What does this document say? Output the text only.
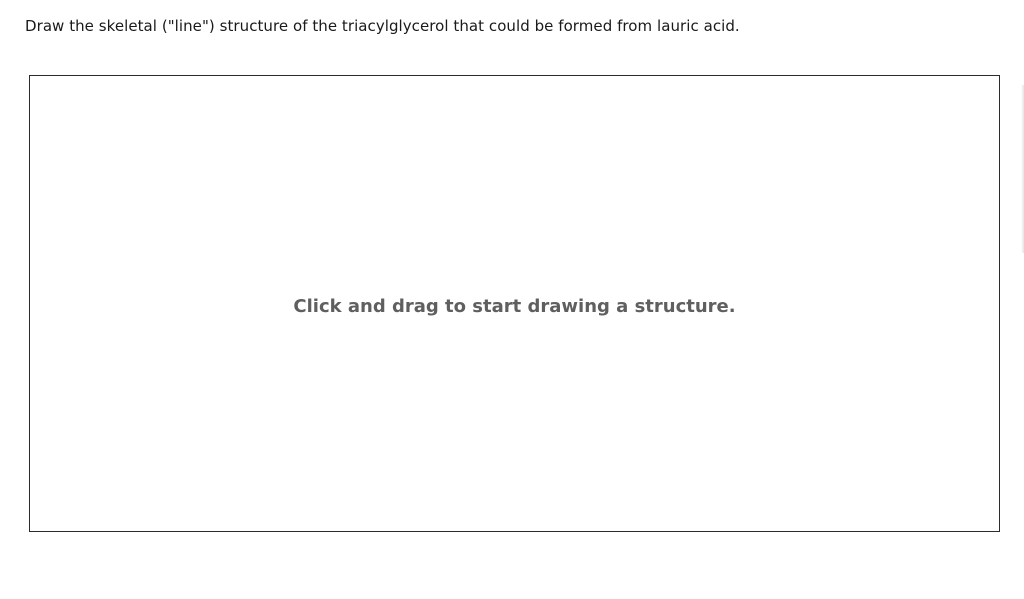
Draw the skeletal ("line") structure of the triacylglycerol that could be formed from lauric acid.
Click and drag to start drawing a structure.
